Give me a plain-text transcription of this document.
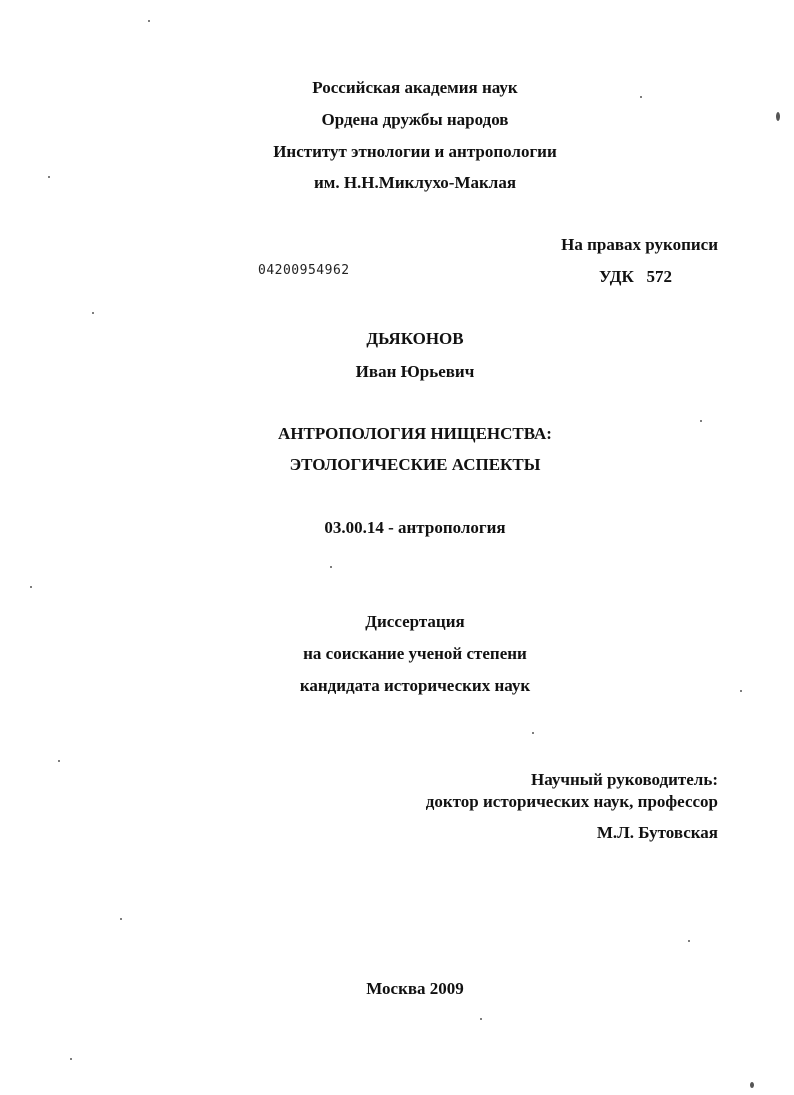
Российская академия наук
Ордена дружбы народов
Институт этнологии и антропологии
им. Н.Н.Миклухо-Маклая
На правах рукописи
04200954962	УДК   572
ДЬЯКОНОВ
Иван Юрьевич
АНТРОПОЛОГИЯ НИЩЕНСТВА:
ЭТОЛОГИЧЕСКИЕ АСПЕКТЫ
03.00.14 - антропология
Диссертация
на соискание ученой степени
кандидата исторических наук
Научный руководитель:
доктор исторических наук, профессор
М.Л. Бутовская
Москва 2009
